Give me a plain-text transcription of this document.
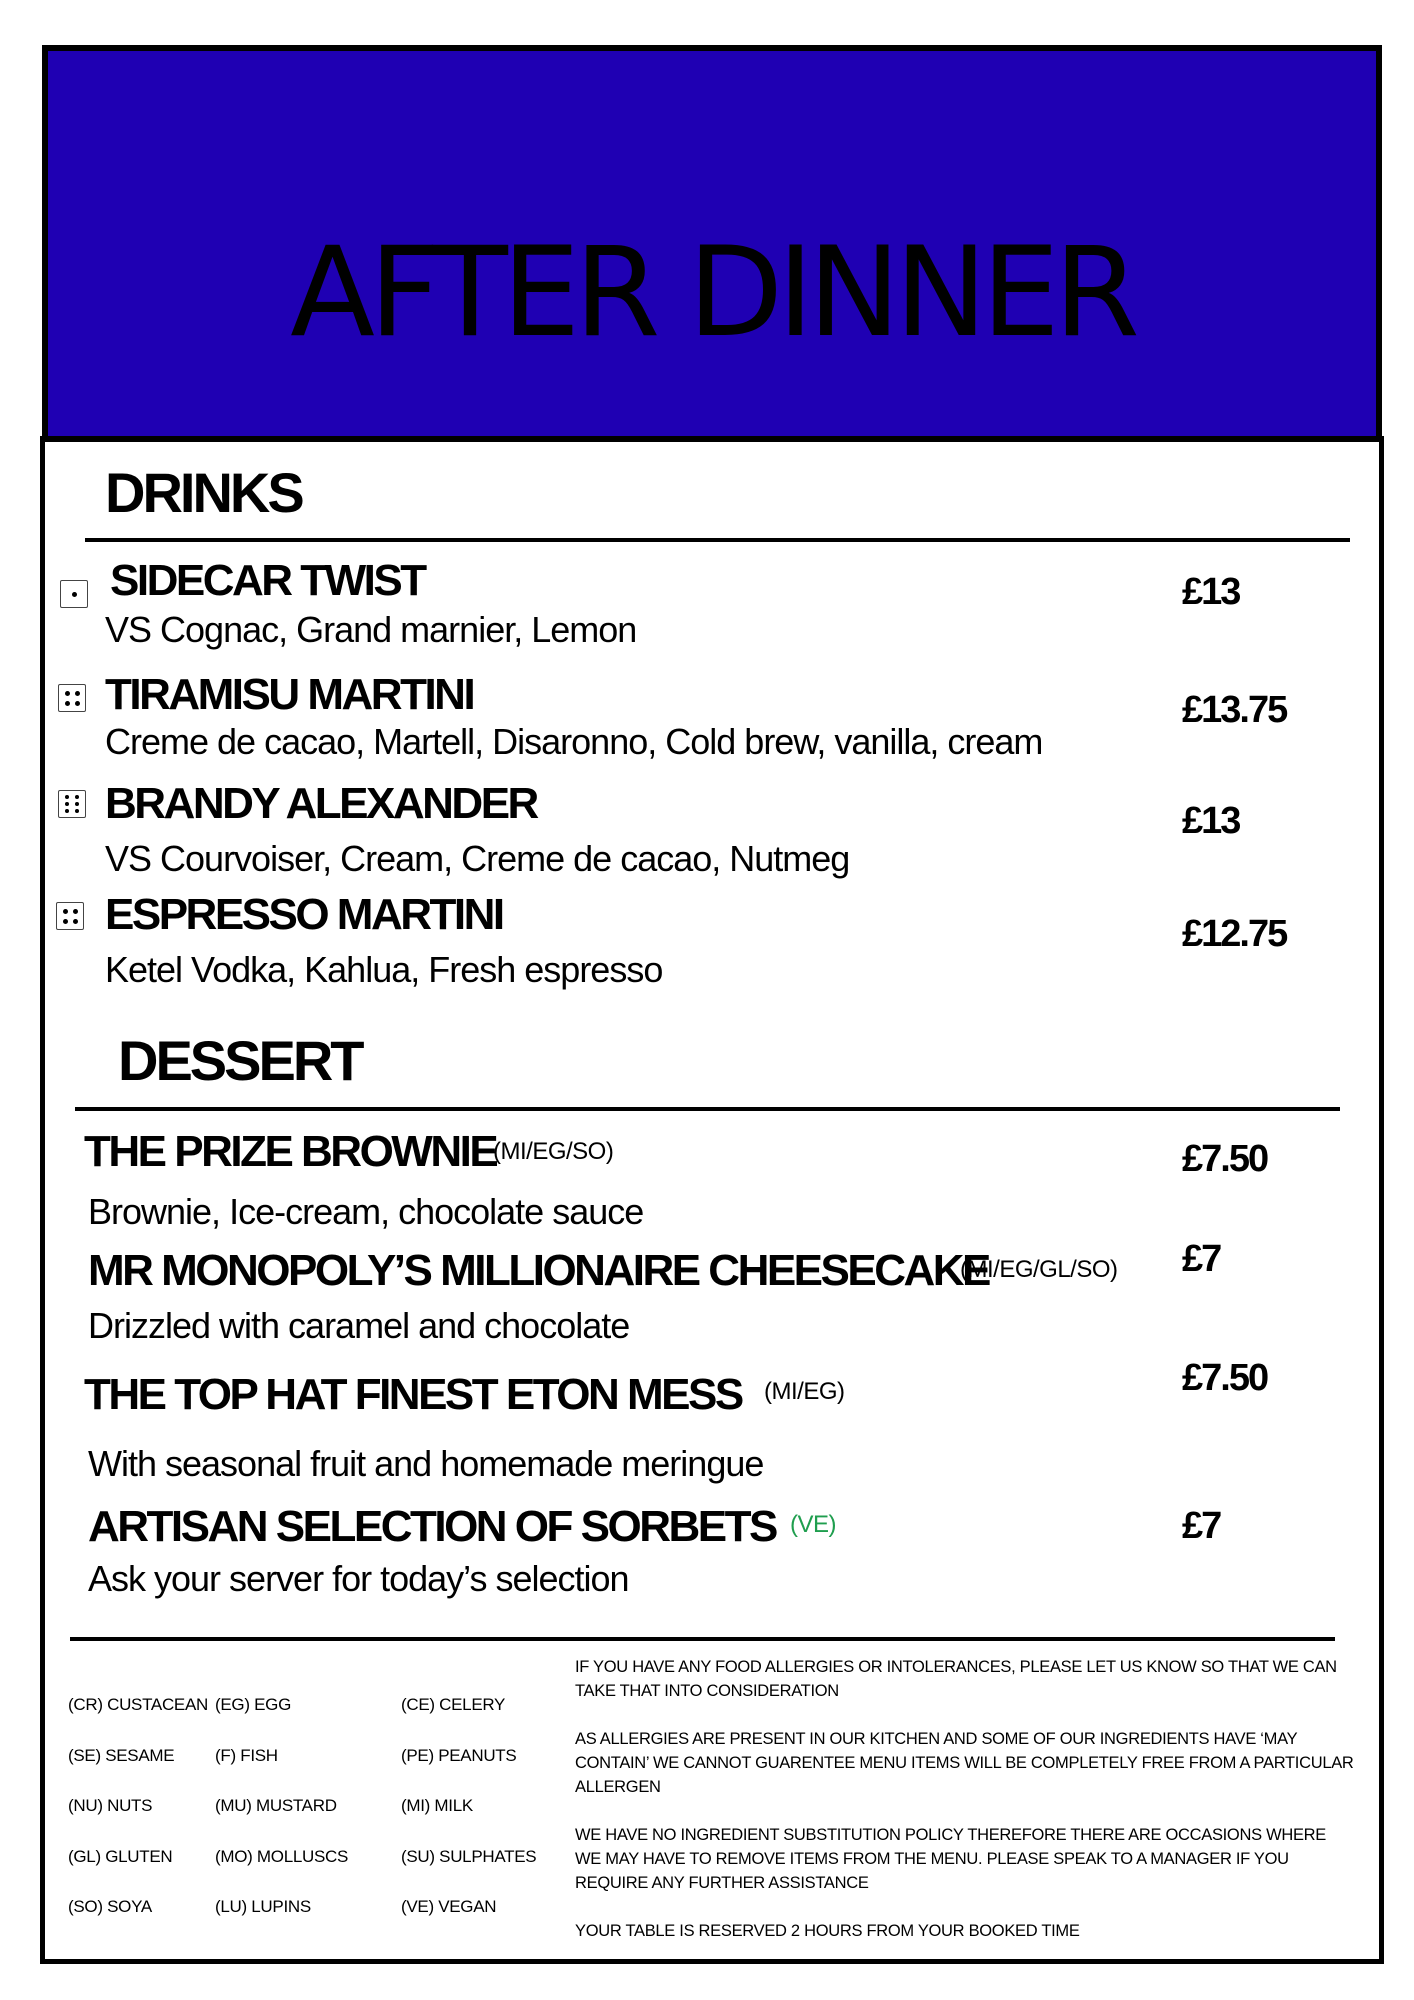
AFTER DINNER
DRINKS
SIDECAR TWIST
VS Cognac, Grand marnier, Lemon
£13
TIRAMISU MARTINI
Creme de cacao, Martell, Disaronno, Cold brew, vanilla, cream
£13.75
BRANDY ALEXANDER
VS Courvoiser, Cream, Creme de cacao, Nutmeg
£13
ESPRESSO MARTINI
Ketel Vodka, Kahlua, Fresh espresso
£12.75
DESSERT
THE PRIZE BROWNIE
(MI/EG/SO)
Brownie, Ice-cream, chocolate sauce
£7.50
MR MONOPOLY’S MILLIONAIRE CHEESECAKE
(MI/EG/GL/SO)
Drizzled with caramel and chocolate
£7
THE TOP HAT FINEST ETON MESS (MI/EG)
With seasonal fruit and homemade meringue
£7.50
ARTISAN SELECTION OF SORBETS (VE)
Ask your server for today’s selection
£7
(CR) CUSTACEAN (EG) EGG	(CE) CELERY
(SE) SESAME	(F) FISH	(PE) PEANUTS
(NU) NUTS	(MU) MUSTARD	(MI) MILK
(GL) GLUTEN	(MO) MOLLUSCS	(SU) SULPHATES
(SO) SOYA	(LU) LUPINS	(VE) VEGAN

IF YOU HAVE ANY FOOD ALLERGIES OR INTOLERANCES, PLEASE LET US KNOW SO THAT WE CAN TAKE THAT INTO CONSIDERATION

AS ALLERGIES ARE PRESENT IN OUR KITCHEN AND SOME OF OUR INGREDIENTS HAVE ‘MAY CONTAIN’ WE CANNOT GUARENTEE MENU ITEMS WILL BE COMPLETELY FREE FROM A PARTICULAR ALLERGEN

WE HAVE NO INGREDIENT SUBSTITUTION POLICY THEREFORE THERE ARE OCCASIONS WHERE WE MAY HAVE TO REMOVE ITEMS FROM THE MENU. PLEASE SPEAK TO A MANAGER IF YOU REQUIRE ANY FURTHER ASSISTANCE

YOUR TABLE IS RESERVED 2 HOURS FROM YOUR BOOKED TIME
